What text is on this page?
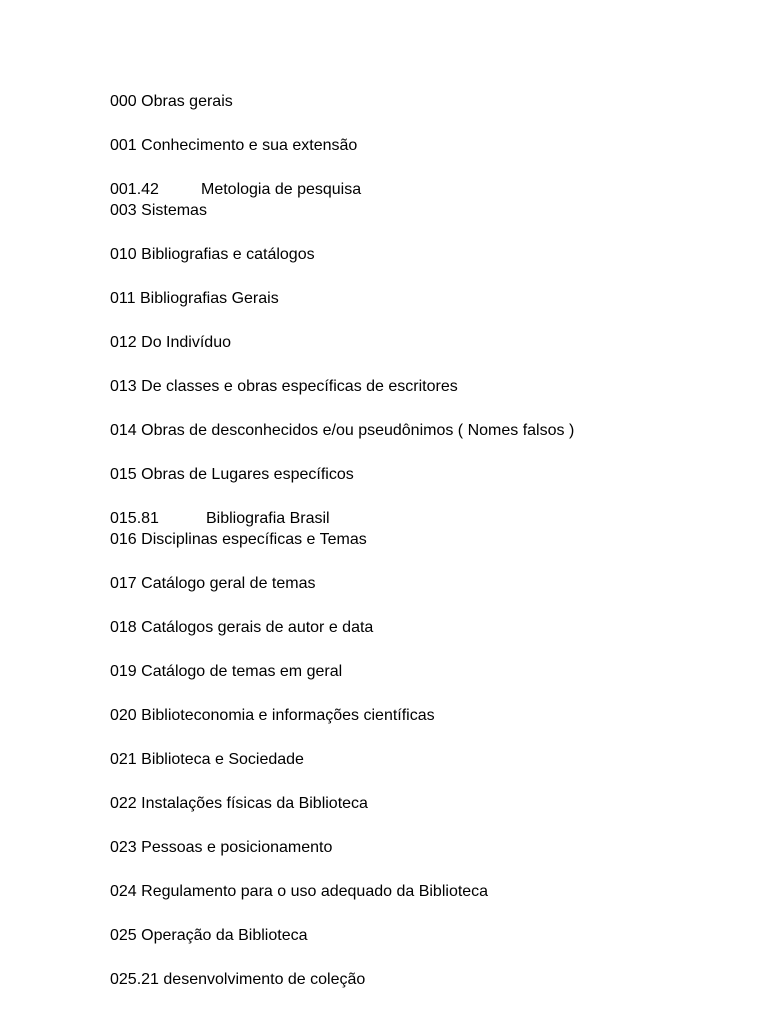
000 Obras gerais
001 Conhecimento e sua extensão
001.42	Metologia de pesquisa
003 Sistemas
010 Bibliografias e catálogos
011 Bibliografias Gerais
012 Do Indivíduo
013 De classes e obras específicas de escritores
014 Obras de desconhecidos e/ou pseudônimos ( Nomes falsos )
015 Obras de Lugares específicos
015.81	Bibliografia Brasil
016 Disciplinas específicas e Temas
017 Catálogo geral de temas
018 Catálogos gerais de autor e data
019 Catálogo de temas em geral
020 Biblioteconomia e informações científicas
021 Biblioteca e Sociedade
022 Instalações físicas da Biblioteca
023 Pessoas e posicionamento
024 Regulamento para o uso adequado da Biblioteca
025 Operação da Biblioteca
025.21 desenvolvimento de coleção
